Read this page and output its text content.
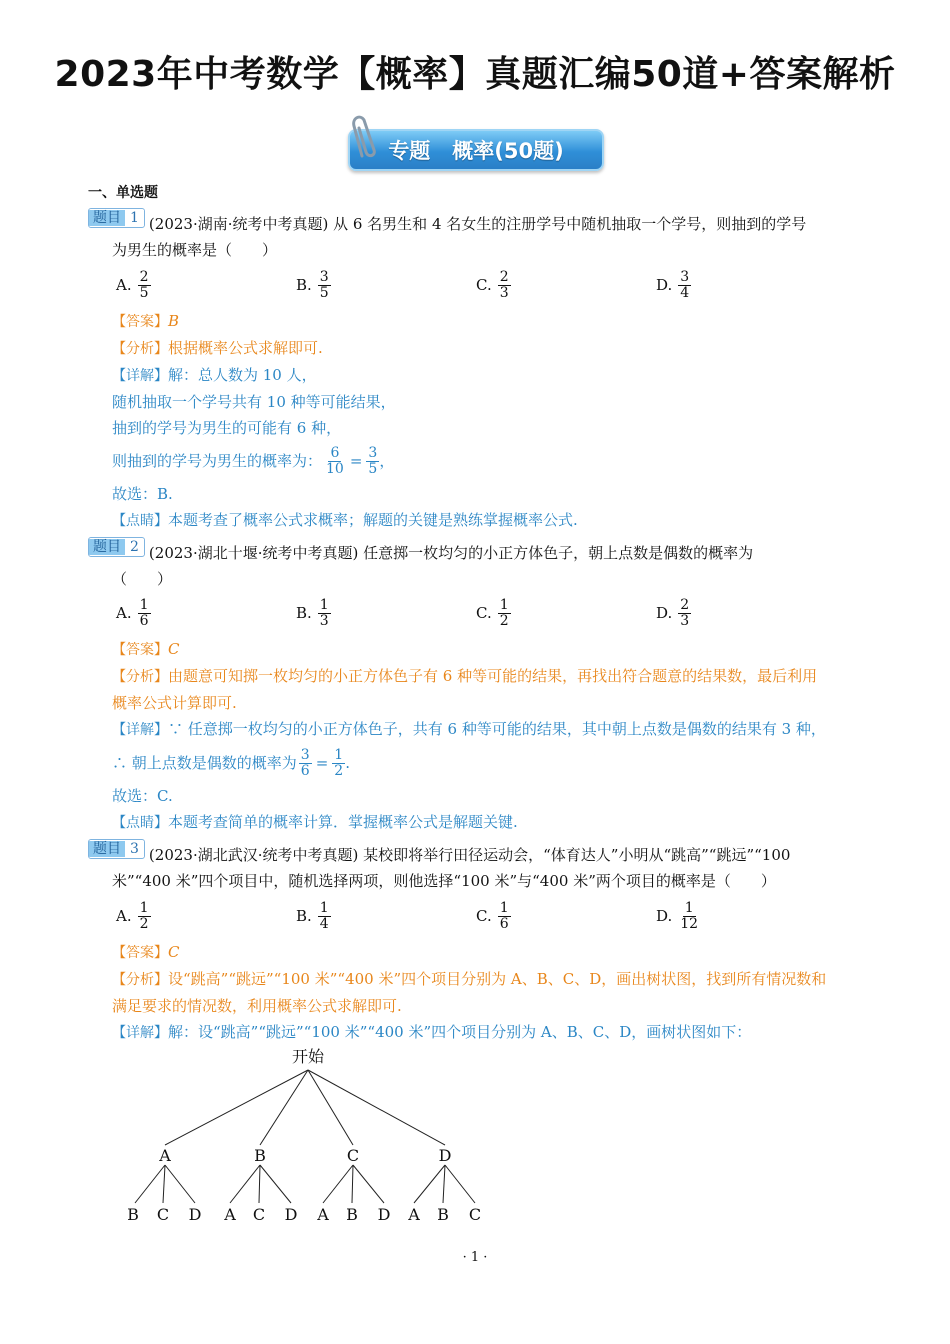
2023年中考数学【概率】真题汇编50道+答案解析
专题   概率(50题)
一、单选题
题目 1 (2023·湖南·统考中考真题) 从 6 名男生和 4 名女生的注册学号中随机抽取一个学号，则抽到的学号
为男生的概率是（　　）
A. $\frac{2}{5}$	B. $\frac{3}{5}$	C. $\frac{2}{3}$	D. $\frac{3}{4}$
【答案】B
【分析】根据概率公式求解即可.
【详解】解：总人数为 10 人，
随机抽取一个学号共有 10 种等可能结果，
抽到的学号为男生的可能有 6 种，
则抽到的学号为男生的概率为： $\frac{6}{10} = \frac{3}{5}$ ，
故选：B.
【点睛】本题考查了概率公式求概率；解题的关键是熟练掌握概率公式.
题目 2 (2023·湖北十堰·统考中考真题) 任意掷一枚均匀的小正方体色子，朝上点数是偶数的概率为
（　　）
A. $\frac{1}{6}$	B. $\frac{1}{3}$	C. $\frac{1}{2}$	D. $\frac{2}{3}$
【答案】C
【分析】由题意可知掷一枚均匀的小正方体色子有 6 种等可能的结果，再找出符合题意的结果数，最后利用
概率公式计算即可.
【详解】∵ 任意掷一枚均匀的小正方体色子，共有 6 种等可能的结果，其中朝上点数是偶数的结果有 3 种，
∴ 朝上点数是偶数的概率为 $\frac{3}{6} = \frac{1}{2}$ .
故选：C.
【点睛】本题考查简单的概率计算．掌握概率公式是解题关键.
题目 3 (2023·湖北武汉·统考中考真题) 某校即将举行田径运动会，“体育达人”小明从“跳高”“跳远”“100
米”“400 米”四个项目中，随机选择两项，则他选择“100 米”与“400 米”两个项目的概率是（　　）
A. $\frac{1}{2}$	B. $\frac{1}{4}$	C. $\frac{1}{6}$	D. $\frac{1}{12}$
【答案】C
【分析】设“跳高”“跳远”“100 米”“400 米”四个项目分别为 A、B、C、D，画出树状图，找到所有情况数和
满足要求的情况数，利用概率公式求解即可.
【详解】解：设“跳高”“跳远”“100 米”“400 米”四个项目分别为 A、B、C、D，画树状图如下：
开始
A	B	C	D
B C D A C D A B D A B C
· 1 ·
